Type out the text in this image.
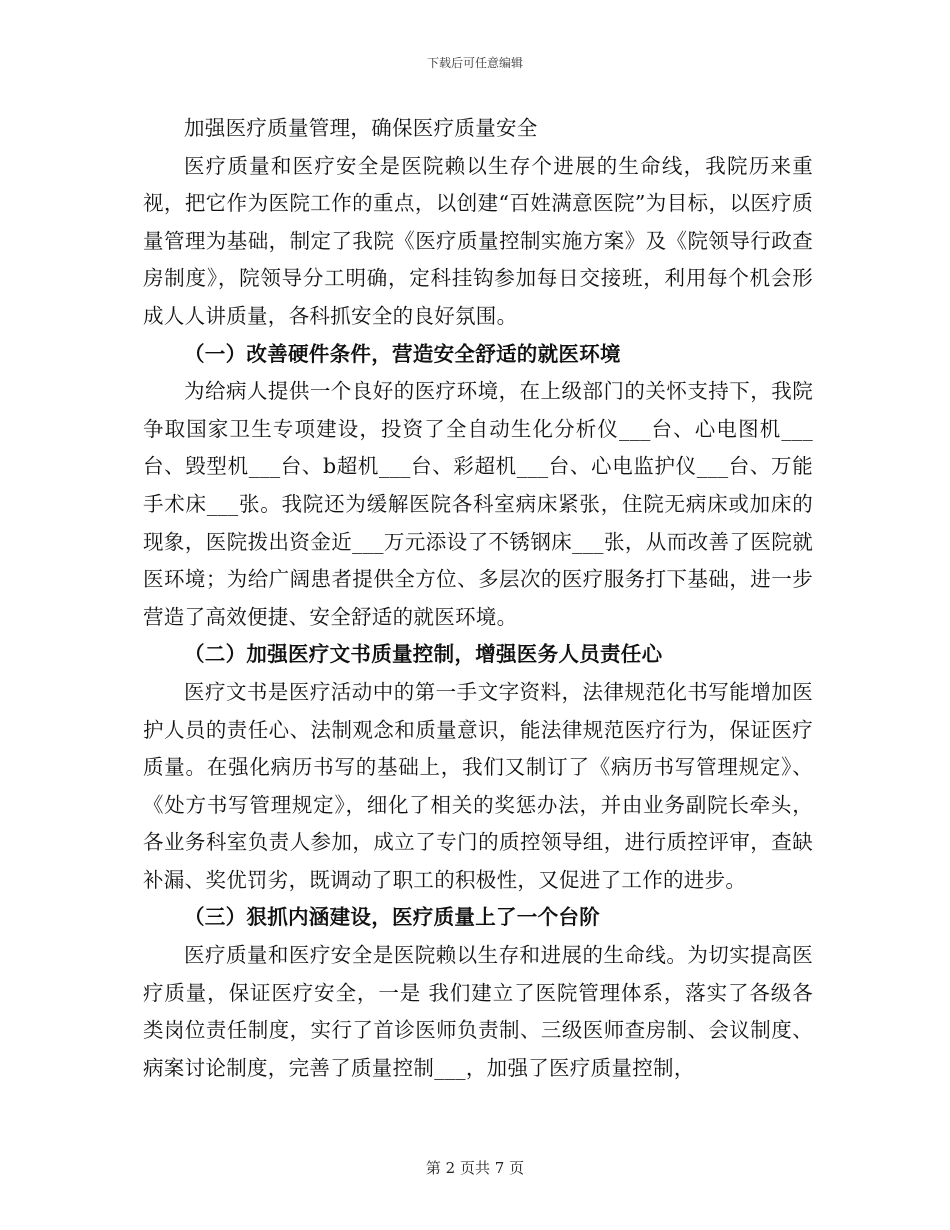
下载后可任意编辑

加强医疗质量管理，确保医疗质量安全

医疗质量和医疗安全是医院赖以生存个进展的生命线，我院历来重视，把它作为医院工作的重点，以创建“百姓满意医院”为目标，以医疗质量管理为基础，制定了我院《医疗质量控制实施方案》及《院领导行政查房制度》，院领导分工明确，定科挂钩参加每日交接班，利用每个机会形成人人讲质量，各科抓安全的良好氛围。

（一）改善硬件条件，营造安全舒适的就医环境

为给病人提供一个良好的医疗环境，在上级部门的关怀支持下，我院争取国家卫生专项建设，投资了全自动生化分析仪___台、心电图机___台、毁型机___台、b超机___台、彩超机___台、心电监护仪___台、万能手术床___张。我院还为缓解医院各科室病床紧张，住院无病床或加床的现象，医院拨出资金近___万元添设了不锈钢床___张，从而改善了医院就医环境；为给广阔患者提供全方位、多层次的医疗服务打下基础，进一步营造了高效便捷、安全舒适的就医环境。

（二）加强医疗文书质量控制，增强医务人员责任心

医疗文书是医疗活动中的第一手文字资料，法律规范化书写能增加医护人员的责任心、法制观念和质量意识，能法律规范医疗行为，保证医疗质量。在强化病历书写的基础上，我们又制订了《病历书写管理规定》、《处方书写管理规定》，细化了相关的奖惩办法，并由业务副院长牵头，各业务科室负责人参加，成立了专门的质控领导组，进行质控评审，查缺补漏、奖优罚劣，既调动了职工的积极性，又促进了工作的进步。

（三）狠抓内涵建设，医疗质量上了一个台阶

医疗质量和医疗安全是医院赖以生存和进展的生命线。为切实提高医疗质量，保证医疗安全，一是 我们建立了医院管理体系，落实了各级各类岗位责任制度，实行了首诊医师负责制、三级医师查房制、会议制度、病案讨论制度，完善了质量控制___，加强了医疗质量控制，

第 2 页共 7 页
